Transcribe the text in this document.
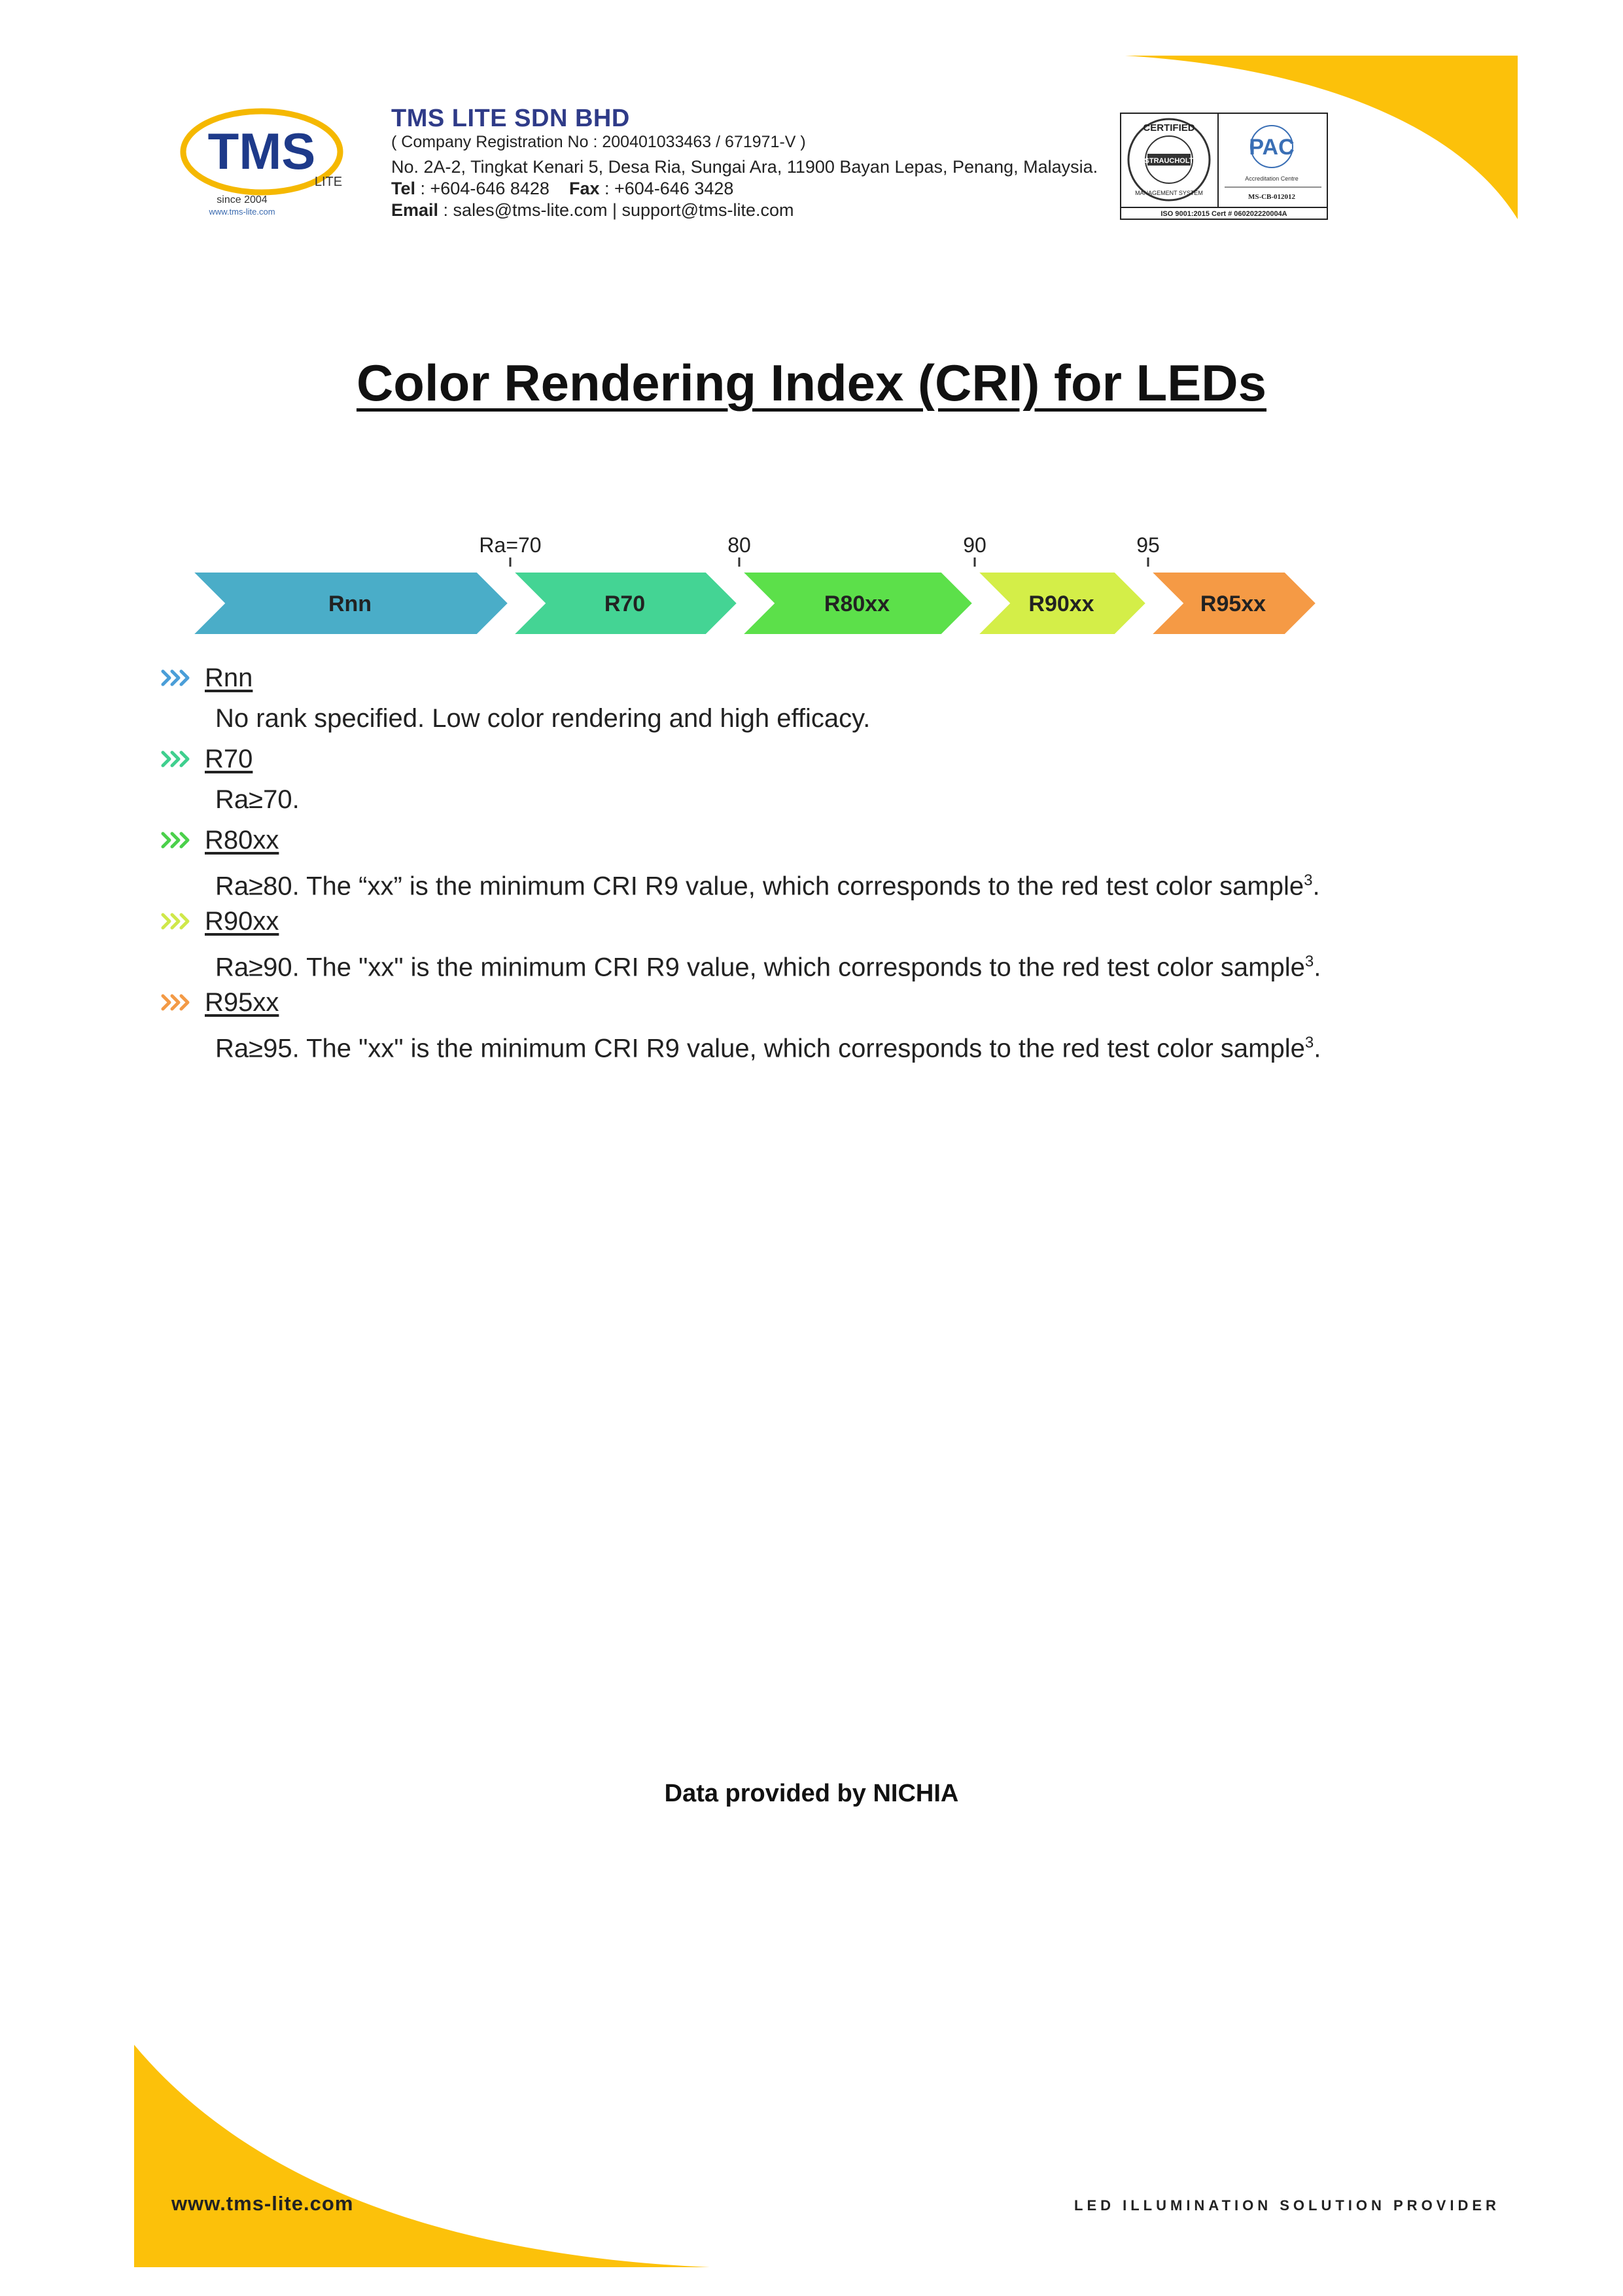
TMS
LITE
since 2004
www.tms-lite.com
TMS LITE SDN BHD
( Company Registration No : 200401033463 / 671971-V )
No. 2A-2, Tingkat Kenari 5, Desa Ria, Sungai Ara, 11900 Bayan Lepas, Penang, Malaysia.
Tel : +604-646 8428 Fax : +604-646 3428
Email : sales@tms-lite.com | support@tms-lite.com
CERTIFIED
STRAUCHOLT
MANAGEMENT SYSTEM
PAC
Accreditation Centre
MS-CB-012012
ISO 9001:2015 Cert # 060202220004A
Color Rendering Index (CRI) for LEDs
Rnn	R70	R80xx	R90xx	R95xx
Ra=70	80	90	95
Rnn
No rank specified. Low color rendering and high efficacy.
R70
Ra≥70.
R80xx
Ra≥80. The “xx” is the minimum CRI R9 value, which corresponds to the red test color sample$^3$.
R90xx
Ra≥90. The "xx" is the minimum CRI R9 value, which corresponds to the red test color sample$^3$.
R95xx
Ra≥95. The "xx" is the minimum CRI R9 value, which corresponds to the red test color sample$^3$.
Data provided by NICHIA
www.tms-lite.com	LED ILLUMINATION SOLUTION PROVIDER
